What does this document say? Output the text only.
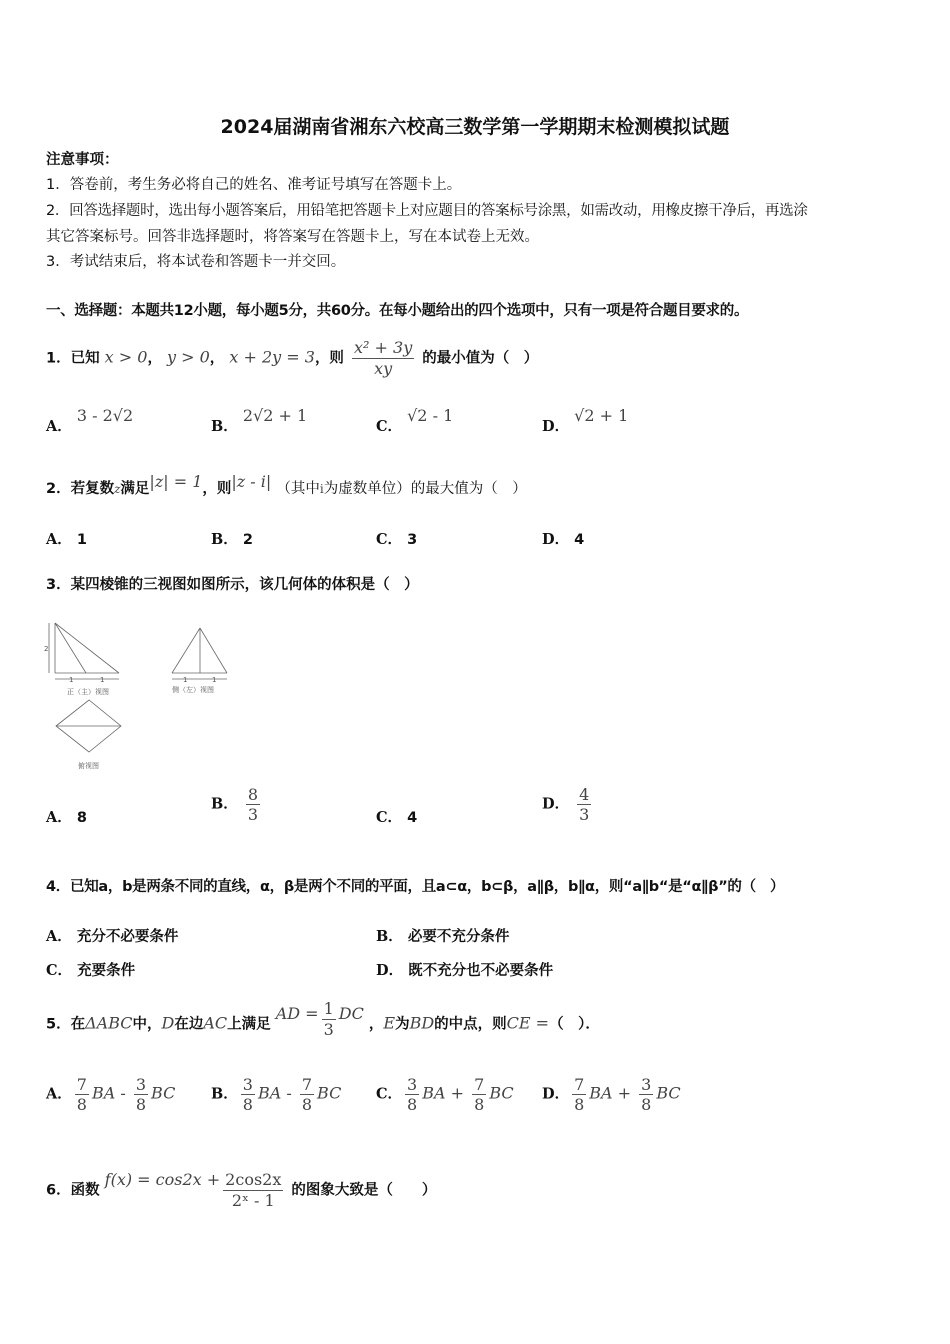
2024届湖南省湘东六校高三数学第一学期期末检测模拟试题
注意事项：
1．答卷前，考生务必将自己的姓名、准考证号填写在答题卡上。
2．回答选择题时，选出每小题答案后，用铅笔把答题卡上对应题目的答案标号涂黑，如需改动，用橡皮擦干净后，再选涂
其它答案标号。回答非选择题时，将答案写在答题卡上，写在本试卷上无效。
3．考试结束后，将本试卷和答题卡一并交回。
一、选择题：本题共12小题，每小题5分，共60分。在每小题给出的四个选项中，只有一项是符合题目要求的。
1．已知 x > 0， y > 0， x + 2y = 3，则 $\frac{\text{x² + 3y}}{xy}$ 的最小值为（　）
A． 3 - 2√2
B． 2√2 + 1
C． √2 - 1
D． √2 + 1
2．若复数z满足|z| = 1，则|z - i| （其中i为虚数单位）的最大值为（　）
A． 1	B． 2	C． 3	D． 4
3．某四棱锥的三视图如图所示，该几何体的体积是（　）
2
1	1	1	1
正（主）视图	侧（左）视图
俯视图
A． 8
B． $\frac{8}{3}$	C． 4
D． $\frac{4}{3}$
4．已知a，b是两条不同的直线，α，β是两个不同的平面，且a⊂α，b⊂β，a∥β，b∥α，则“a∥b“是“α∥β”的（　）
A． 充分不必要条件	B． 必要不充分条件
C． 充要条件	D． 既不充分也不必要条件
5．在ΔABC中，D在边AC上满足 AD = $\frac{1}{3}$ DC ，E为BD的中点，则CE =（　）．
A． $\frac{7}{8}$ BA - $\frac{3}{8}$ BC B． $\frac{3}{8}$ BA - $\frac{7}{8}$ BC C． $\frac{3}{8}$ BA + $\frac{7}{8}$ BC D． $\frac{7}{8}$ BA + $\frac{3}{8}$ BC
6．函数 $f(x) = \cos 2x + \frac{2\cos 2x}{\text{2ˣ - 1}}$ 的图象大致是（　　）
